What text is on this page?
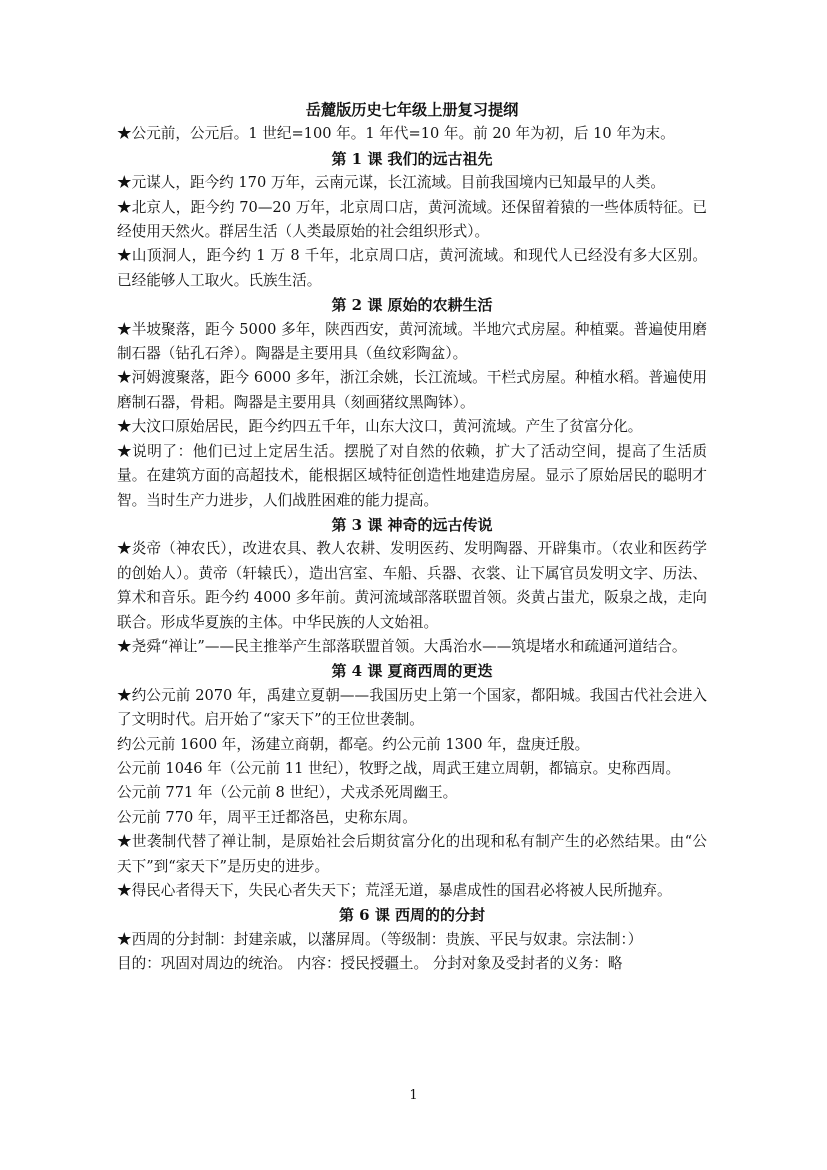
岳麓版历史七年级上册复习提纲

★公元前，公元后。1 世纪=100 年。1 年代=10 年。前 20 年为初，后 10 年为末。

第 1 课 我们的远古祖先

★元谋人，距今约 170 万年，云南元谋，长江流域。目前我国境内已知最早的人类。

★北京人，距今约 70—20 万年，北京周口店，黄河流域。还保留着猿的一些体质特征。已经使用天然火。群居生活（人类最原始的社会组织形式）。

★山顶洞人，距今约 1 万 8 千年，北京周口店，黄河流域。和现代人已经没有多大区别。已经能够人工取火。氏族生活。

第 2 课 原始的农耕生活

★半坡聚落，距今 5000 多年，陕西西安，黄河流域。半地穴式房屋。种植粟。普遍使用磨制石器（钻孔石斧）。陶器是主要用具（鱼纹彩陶盆）。

★河姆渡聚落，距今 6000 多年，浙江余姚，长江流域。干栏式房屋。种植水稻。普遍使用磨制石器，骨耜。陶器是主要用具（刻画猪纹黑陶钵）。

★大汶口原始居民，距今约四五千年，山东大汶口，黄河流域。产生了贫富分化。

★说明了：他们已过上定居生活。摆脱了对自然的依赖，扩大了活动空间，提高了生活质量。在建筑方面的高超技术，能根据区域特征创造性地建造房屋。显示了原始居民的聪明才智。当时生产力进步，人们战胜困难的能力提高。

第 3 课 神奇的远古传说

★炎帝（神农氏），改进农具、教人农耕、发明医药、发明陶器、开辟集市。（农业和医药学的创始人）。黄帝（轩辕氏），造出宫室、车船、兵器、衣裳、让下属官员发明文字、历法、算术和音乐。距今约 4000 多年前。黄河流域部落联盟首领。炎黄占蚩尤，阪泉之战，走向联合。形成华夏族的主体。中华民族的人文始祖。

★尧舜“禅让”——民主推举产生部落联盟首领。大禹治水——筑堤堵水和疏通河道结合。

第 4 课 夏商西周的更迭

★约公元前 2070 年，禹建立夏朝——我国历史上第一个国家，都阳城。我国古代社会进入了文明时代。启开始了“家天下”的王位世袭制。

约公元前 1600 年，汤建立商朝，都亳。约公元前 1300 年，盘庚迁殷。

公元前 1046 年（公元前 11 世纪），牧野之战，周武王建立周朝，都镐京。史称西周。

公元前 771 年（公元前 8 世纪），犬戎杀死周幽王。

公元前 770 年，周平王迁都洛邑，史称东周。

★世袭制代替了禅让制，是原始社会后期贫富分化的出现和私有制产生的必然结果。由“公天下”到“家天下”是历史的进步。

★得民心者得天下，失民心者失天下；荒淫无道，暴虐成性的国君必将被人民所抛弃。

第 6 课 西周的的分封

★西周的分封制：封建亲戚，以藩屏周。（等级制：贵族、平民与奴隶。宗法制：）

目的：巩固对周边的统治。 内容：授民授疆土。 分封对象及受封者的义务：略

1
